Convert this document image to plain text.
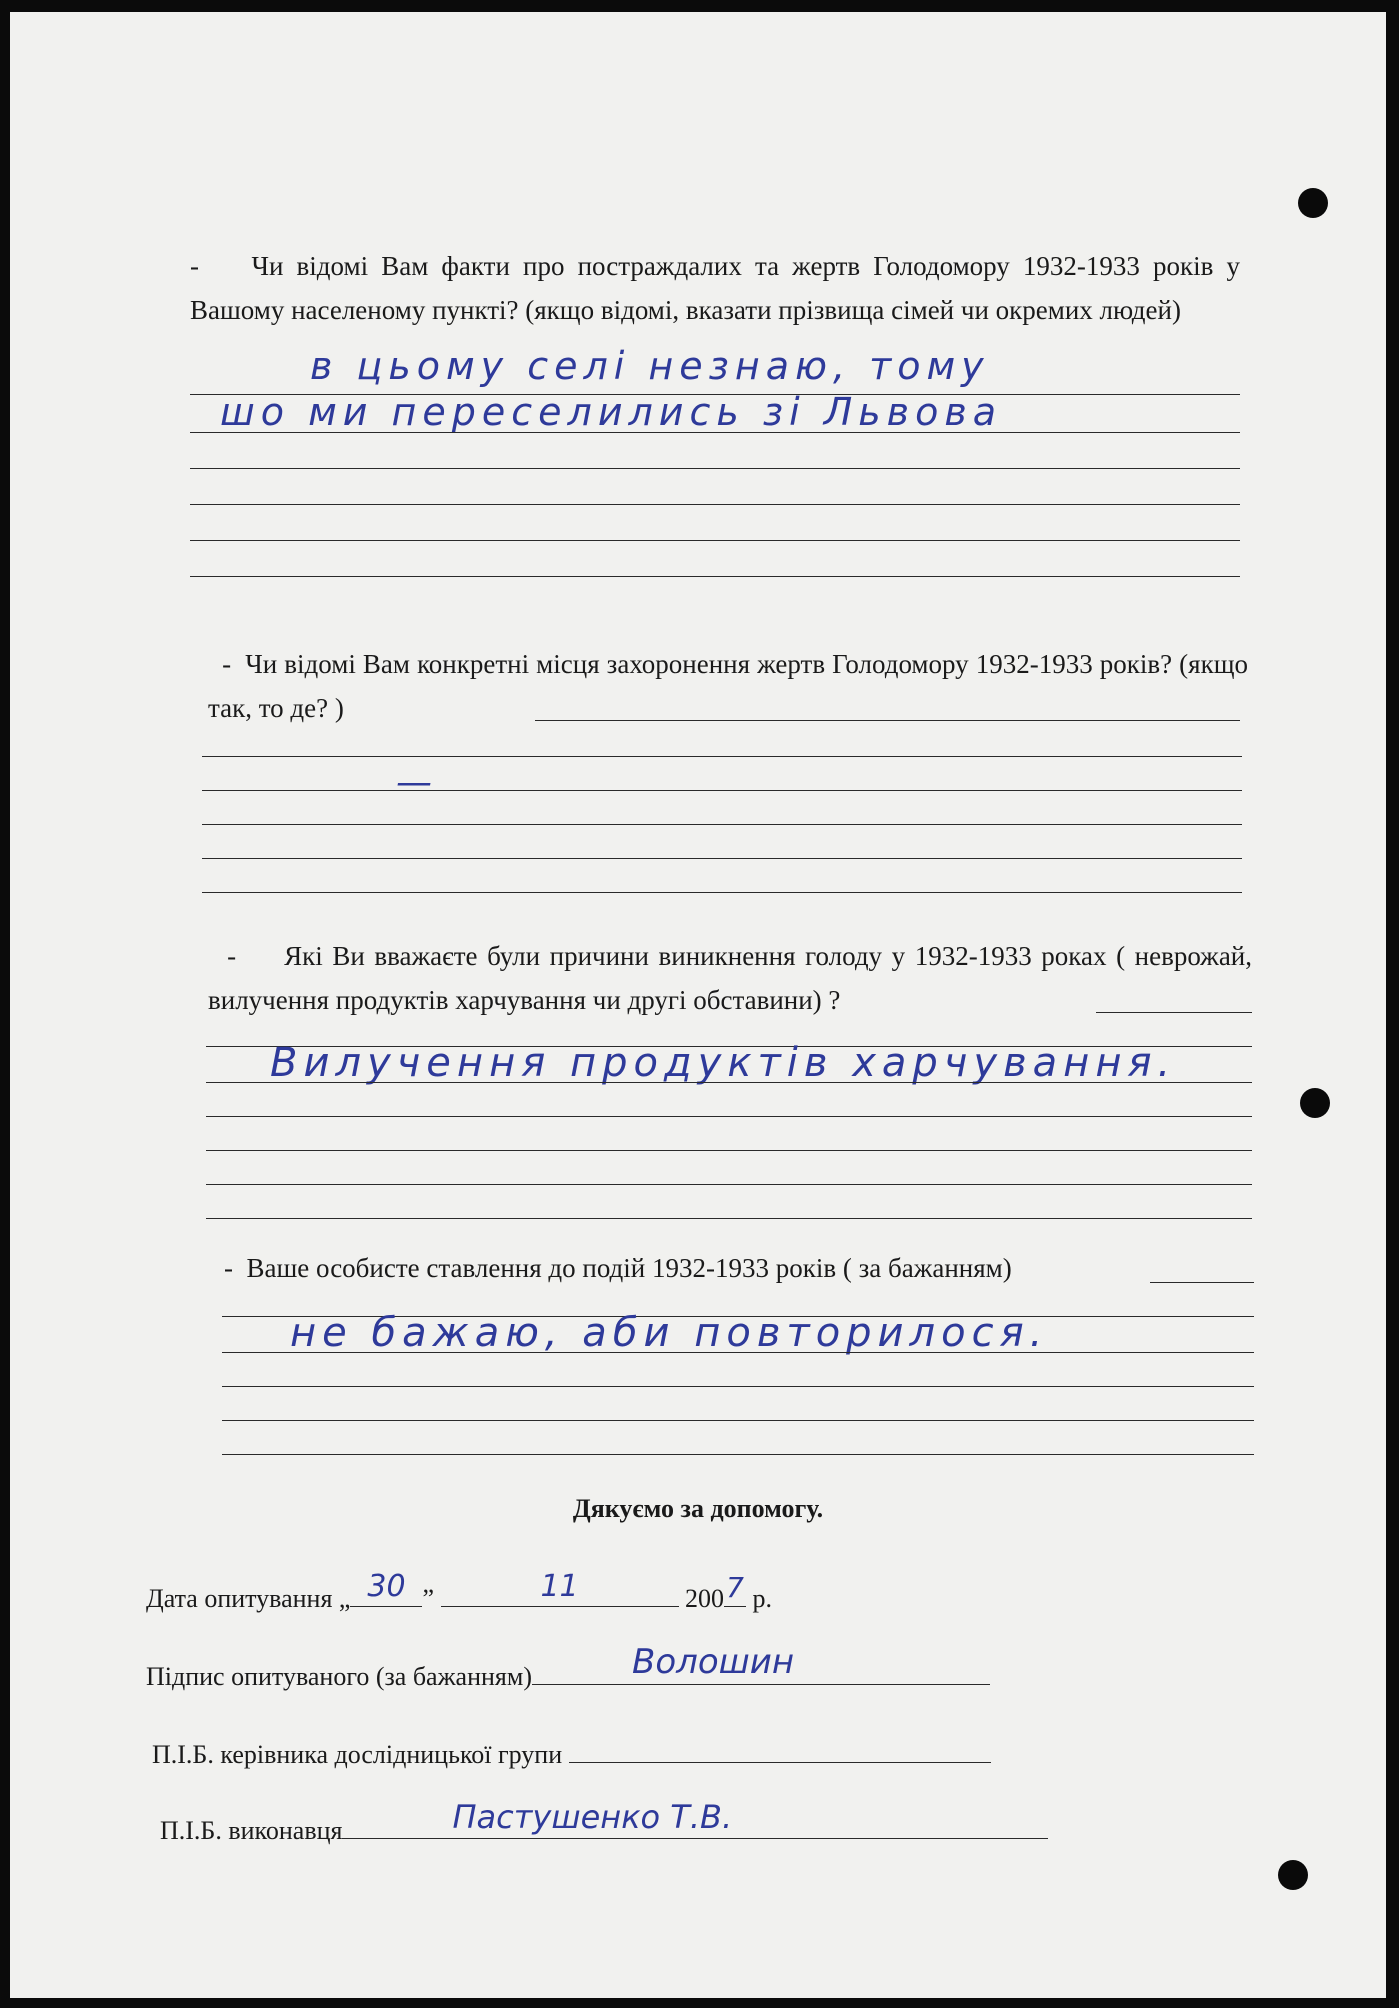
- Чи відомі Вам факти про постраждалих та жертв Голодомору 1932-1933 років у Вашому населеному пункті? (якщо відомі, вказати прізвища сімей чи окремих людей)
в цьому селі незнаю, тому
шо ми переселились зі Львова
- Чи відомі Вам конкретні місця захоронення жертв Голодомору 1932-1933 років? (якщо так, то де? )
—
- Які Ви вважаєте були причини виникнення голоду у 1932-1933 роках ( неврожай, вилучення продуктів харчування чи другі обставини) ?
Вилучення продуктів харчування.
- Ваше особисте ставлення до подій 1932-1933 років ( за бажанням)
не бажаю, аби повторилося.
Дякуємо за допомогу.
Дата опитування „ 30 ”	11	200 7 р.
Підпис опитуваного (за бажанням)	Волошин
П.І.Б. керівника дослідницької групи
П.І.Б. виконавця	Пастушенко Т.В.
